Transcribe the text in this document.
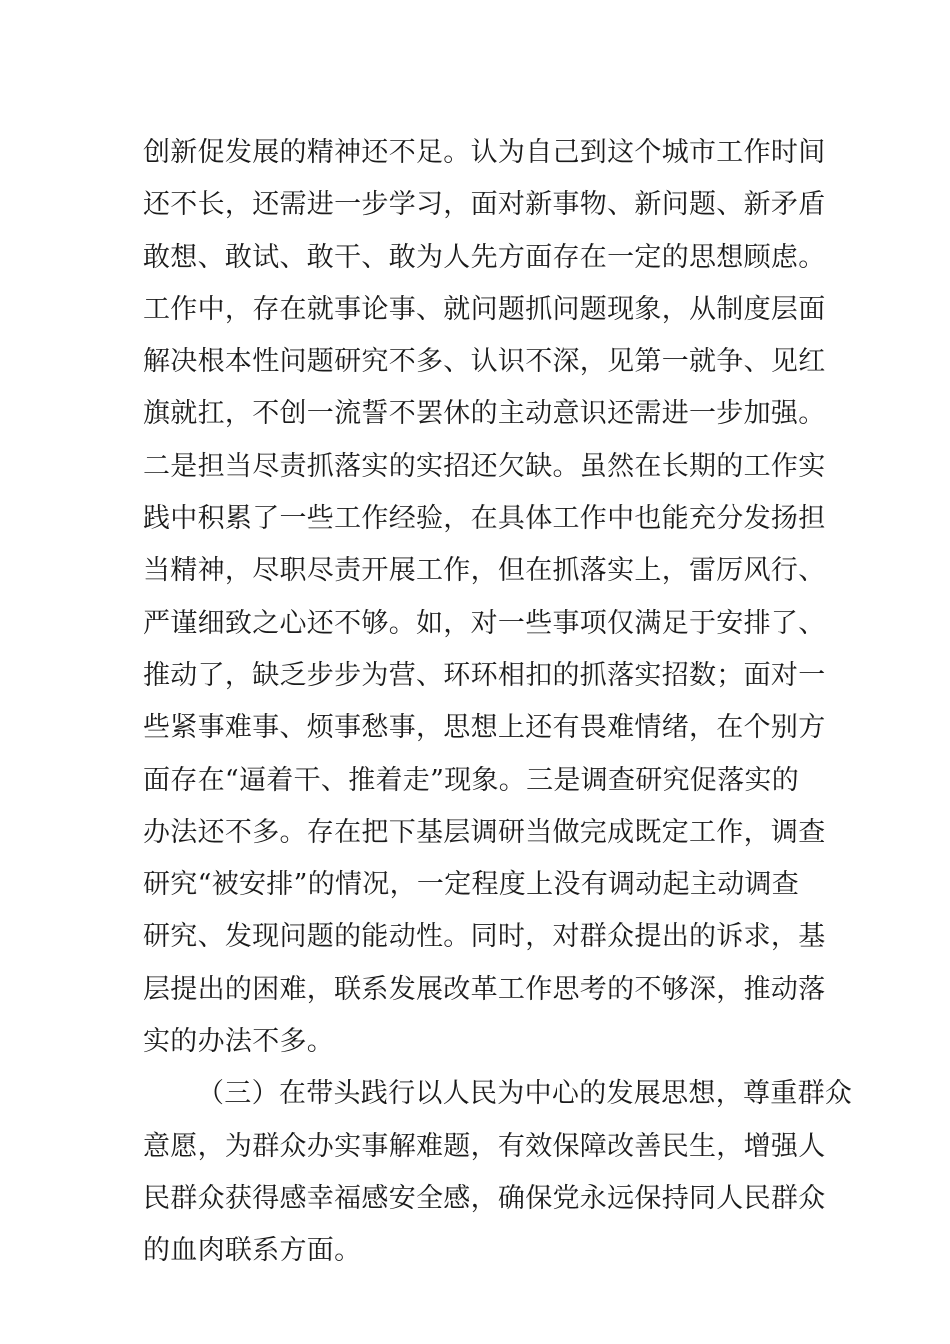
创新促发展的精神还不足。认为自己到这个城市工作时间
还不长，还需进一步学习，面对新事物、新问题、新矛盾
敢想、敢试、敢干、敢为人先方面存在一定的思想顾虑。
工作中，存在就事论事、就问题抓问题现象，从制度层面
解决根本性问题研究不多、认识不深，见第一就争、见红
旗就扛，不创一流誓不罢休的主动意识还需进一步加强。
二是担当尽责抓落实的实招还欠缺。虽然在长期的工作实
践中积累了一些工作经验，在具体工作中也能充分发扬担
当精神，尽职尽责开展工作，但在抓落实上，雷厉风行、
严谨细致之心还不够。如，对一些事项仅满足于安排了、
推动了，缺乏步步为营、环环相扣的抓落实招数；面对一
些紧事难事、烦事愁事，思想上还有畏难情绪，在个别方
面存在“逼着干、推着走”现象。三是调查研究促落实的
办法还不多。存在把下基层调研当做完成既定工作，调查
研究“被安排”的情况，一定程度上没有调动起主动调查
研究、发现问题的能动性。同时，对群众提出的诉求，基
层提出的困难，联系发展改革工作思考的不够深，推动落
实的办法不多。
（三）在带头践行以人民为中心的发展思想，尊重群众
意愿，为群众办实事解难题，有效保障改善民生，增强人
民群众获得感幸福感安全感，确保党永远保持同人民群众
的血肉联系方面。
